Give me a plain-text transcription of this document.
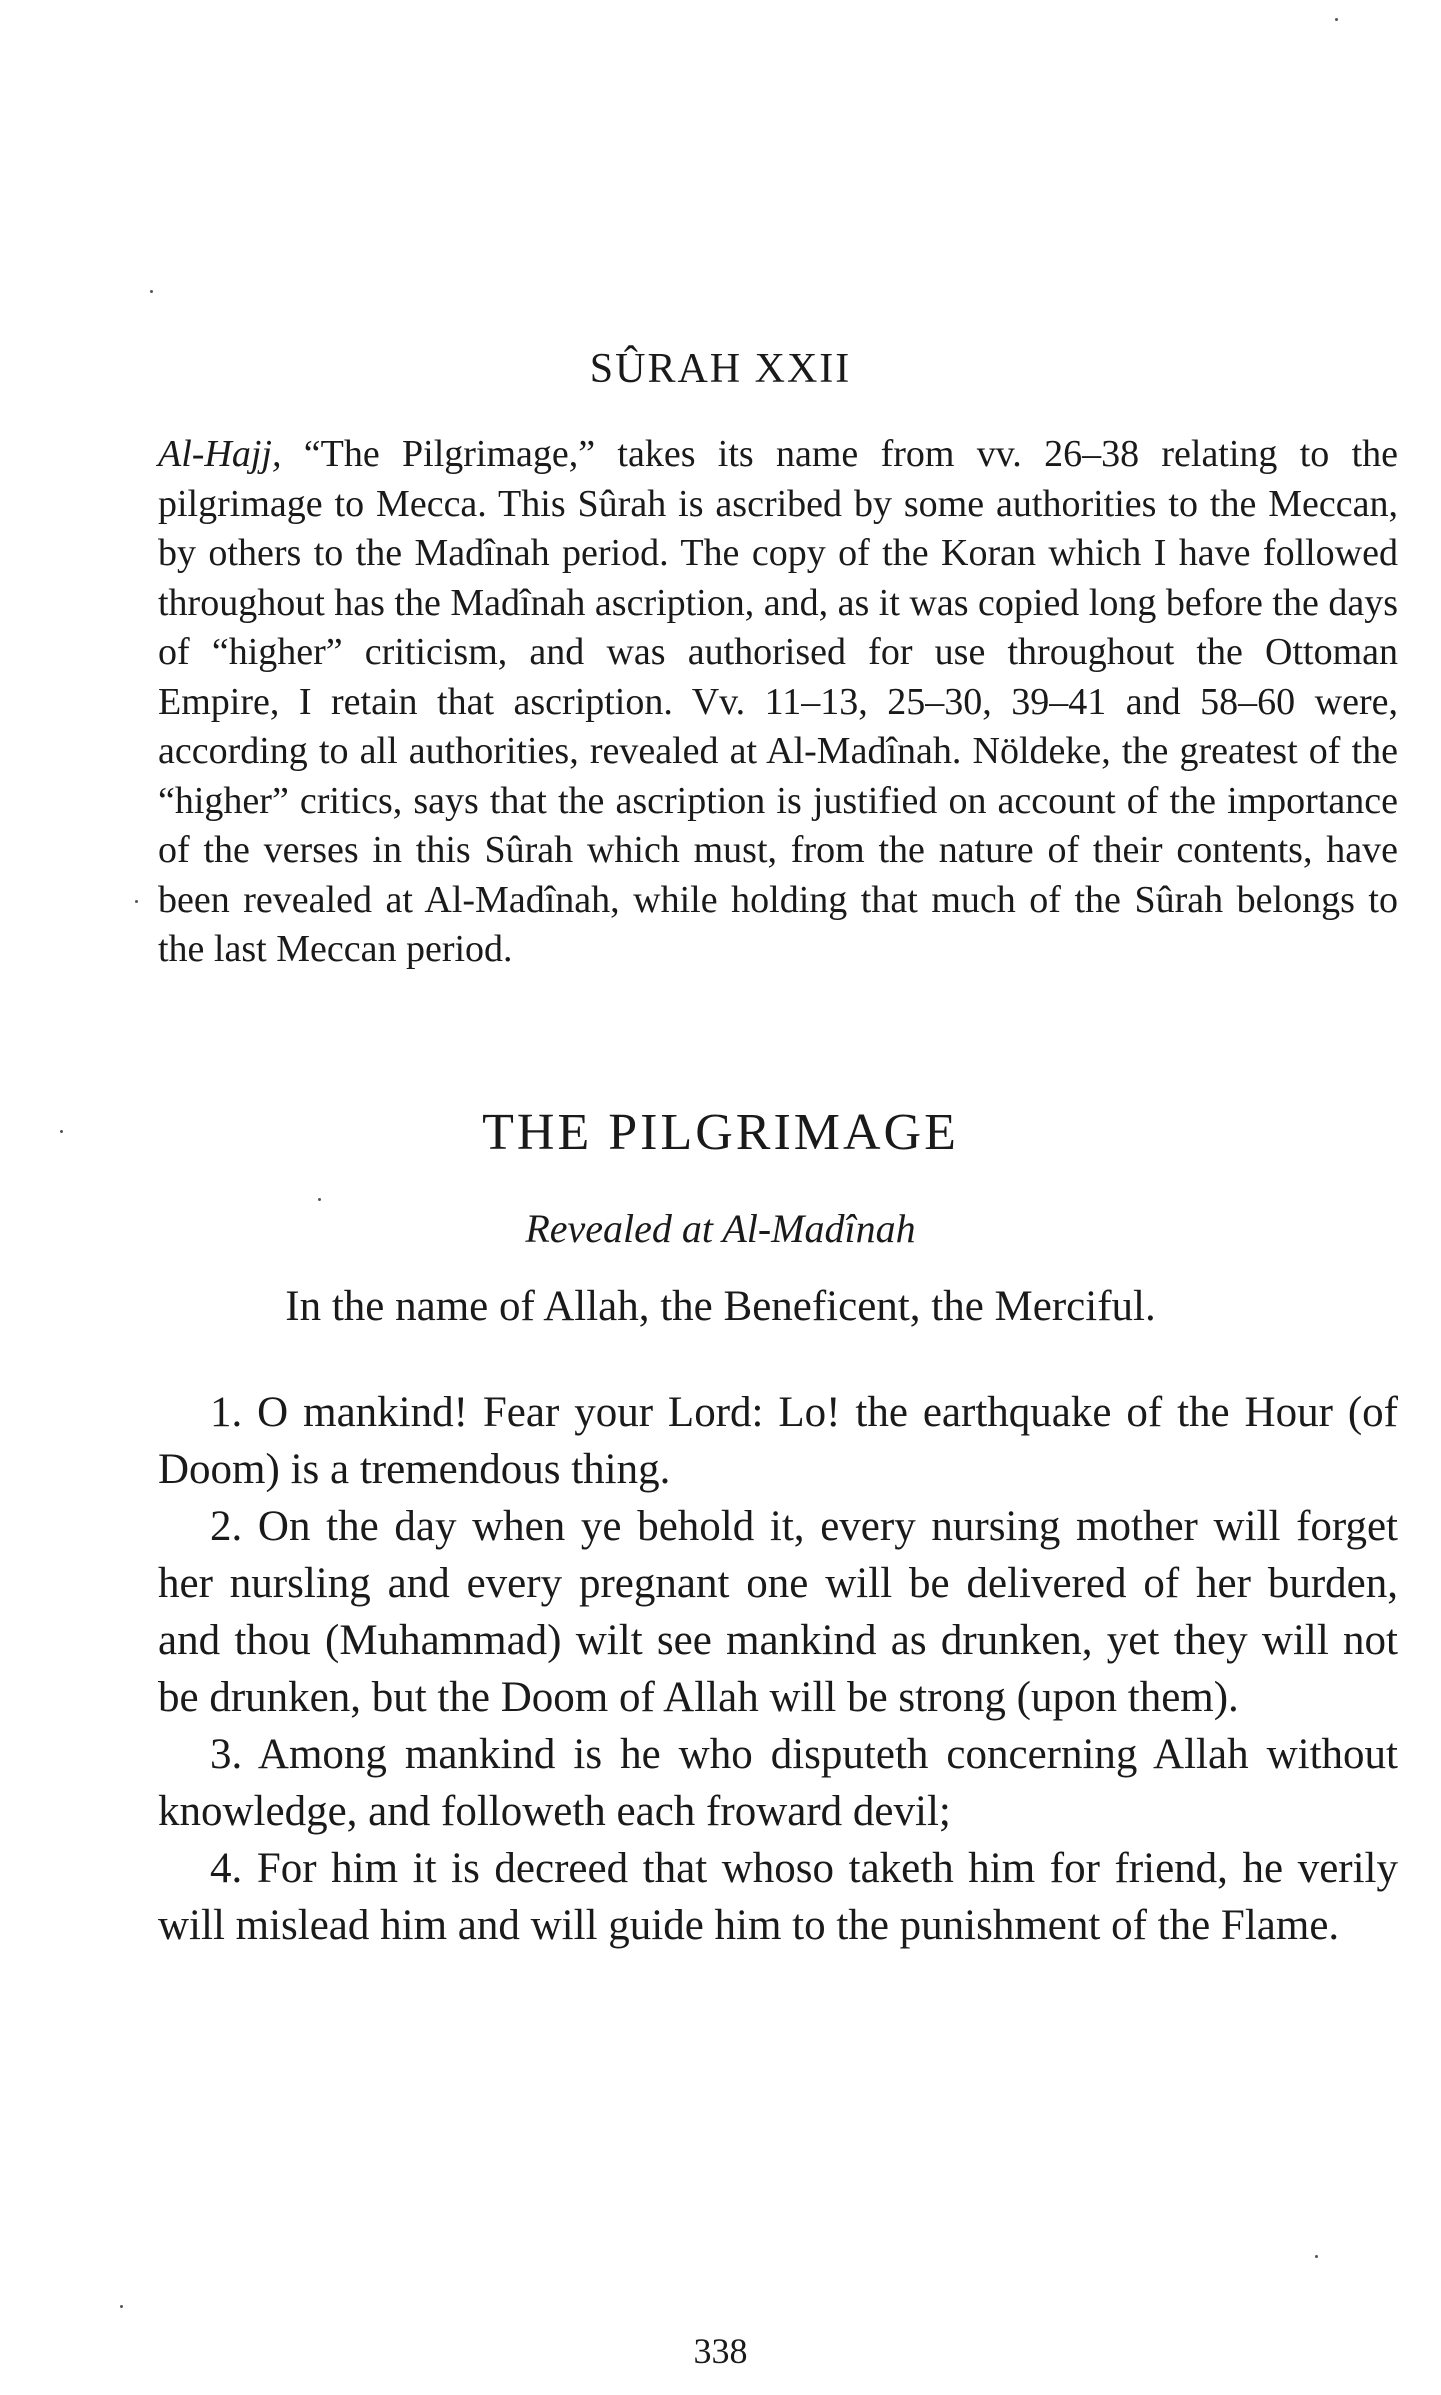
SÛRAH XXII

Al-Hajj, “The Pilgrimage,” takes its name from vv. 26–38 relating to the pilgrimage to Mecca. This Sûrah is ascribed by some authorities to the Meccan, by others to the Madînah period. The copy of the Koran which I have followed throughout has the Madînah ascription, and, as it was copied long before the days of “higher” criticism, and was authorised for use throughout the Ottoman Empire, I retain that ascription. Vv. 11–13, 25–30, 39–41 and 58–60 were, according to all authorities, revealed at Al-Madînah. Nöldeke, the greatest of the “higher” critics, says that the ascription is justified on account of the importance of the verses in this Sûrah which must, from the nature of their contents, have been revealed at Al-Madînah, while holding that much of the Sûrah belongs to the last Meccan period.

THE PILGRIMAGE
Revealed at Al-Madînah
In the name of Allah, the Beneficent, the Merciful.

1. O mankind! Fear your Lord: Lo! the earthquake of the Hour (of Doom) is a tremendous thing.

2. On the day when ye behold it, every nursing mother will forget her nursling and every pregnant one will be delivered of her burden, and thou (Muhammad) wilt see mankind as drunken, yet they will not be drunken, but the Doom of Allah will be strong (upon them).

3. Among mankind is he who disputeth concerning Allah without knowledge, and followeth each froward devil;

4. For him it is decreed that whoso taketh him for friend, he verily will mislead him and will guide him to the punishment of the Flame.

338
